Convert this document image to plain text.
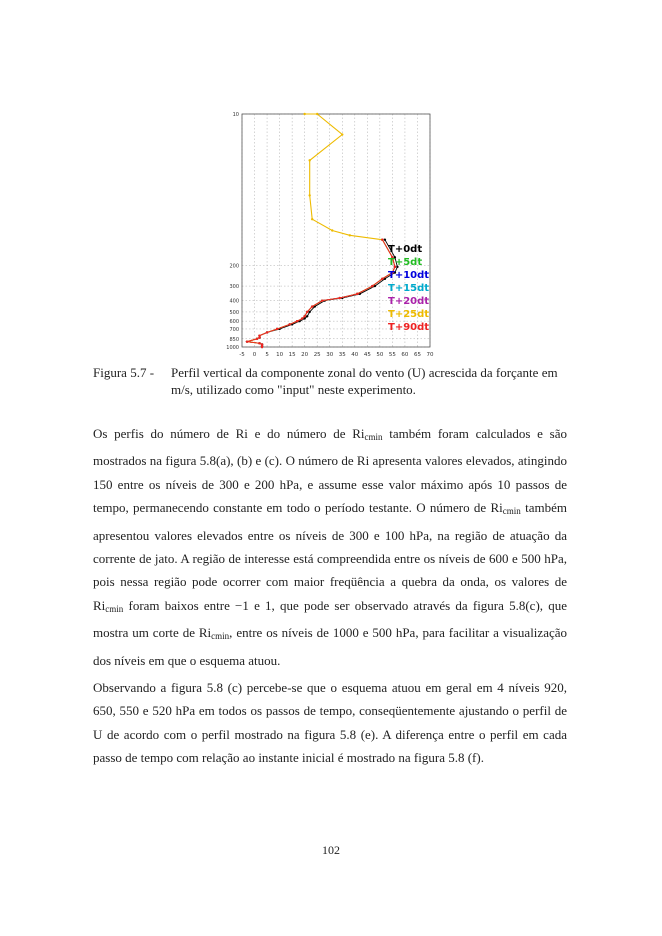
-5 0 5 10 15 20 25 30 35 40 45 50 55 60 65 70
10
200
300
400
500
600
700
850
1000
T+0dt
T+5dt
T+10dt
T+15dt
T+20dt
T+25dt
T+90dt
Figura 5.7 - Perfil vertical da componente zonal do vento (U) acrescida da forçante em
m/s, utilizado como "input" neste experimento.

Os perfis do número de Ri e do número de $Ri_{cmin}$ também foram calculados e são mostrados na figura 5.8(a), (b) e (c). O número de Ri apresenta valores elevados, atingindo 150 entre os níveis de 300 e 200 hPa, e assume esse valor máximo após 10 passos de tempo, permanecendo constante em todo o período testante. O número de $Ri_{cmin}$ também apresentou valores elevados entre os níveis de 300 e 100 hPa, na região de atuação da corrente de jato. A região de interesse está compreendida entre os níveis de 600 e 500 hPa, pois nessa região pode ocorrer com maior freqüência a quebra da onda, os valores de $Ri_{cmin}$ foram baixos entre −1 e 1, que pode ser observado através da figura 5.8(c), que mostra um corte de $Ri_{cmin}$, entre os níveis de 1000 e 500 hPa, para facilitar a visualização dos níveis em que o esquema atuou.

Observando a figura 5.8 (c) percebe-se que o esquema atuou em geral em 4 níveis 920, 650, 550 e 520 hPa em todos os passos de tempo, conseqüentemente ajustando o perfil de U de acordo com o perfil mostrado na figura 5.8 (e). A diferença entre o perfil em cada passo de tempo com relação ao instante inicial é mostrado na figura 5.8 (f).

102
